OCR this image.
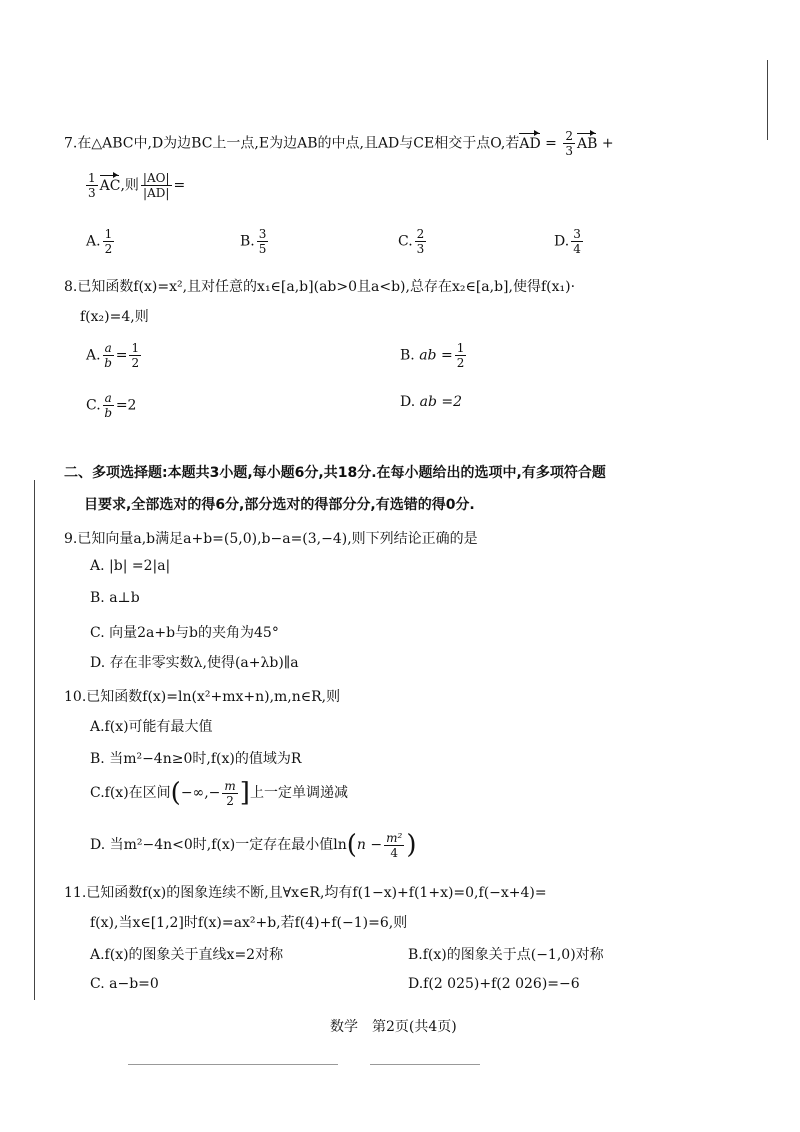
7.在△ABC中,D为边BC上一点,E为边AB的中点,且AD与CE相交于点O,若AD = $\frac{2}{3}$ AB +
$\frac{1}{3}$ AC,则 $\frac{|AO|}{|AD|}$ =
A. $\frac{1}{2}$	B. $\frac{3}{5}$	C. $\frac{2}{3}$	D. $\frac{3}{4}$
8.已知函数f(x)=x²,且对任意的x₁∈[a,b](ab>0且a<b),总存在x₂∈[a,b],使得f(x₁)·
f(x₂)=4,则
A. $\frac{a}{b} = \frac{1}{2}$	B. ab = $\frac{1}{2}$
C. $\frac{a}{b} =2$	D. ab =2
二、多项选择题:本题共3小题,每小题6分,共18分.在每小题给出的选项中,有多项符合题
目要求,全部选对的得6分,部分选对的得部分分,有选错的得0分.
9.已知向量a,b满足a+b=(5,0),b−a=(3,−4),则下列结论正确的是
A. |b| =2|a|
B. a⊥b
C. 向量2a+b与b的夹角为45°
D. 存在非零实数λ,使得(a+λb)∥a
10.已知函数f(x)=ln(x²+mx+n),m,n∈R,则
A.f(x)可能有最大值
B. 当m²−4n≥0时,f(x)的值域为R
C.f(x)在区间(−∞,− $\frac{m}{2}$ ]上一定单调递减
D. 当m²−4n<0时,f(x)一定存在最小值$\ln(n - \frac{\text{m²}}{4}$ )
11.已知函数f(x)的图象连续不断,且∀x∈R,均有f(1−x)+f(1+x)=0,f(−x+4)=
f(x),当x∈[1,2]时f(x)=ax²+b,若f(4)+f(−1)=6,则
A.f(x)的图象关于直线x=2对称	B.f(x)的图象关于点(−1,0)对称
C. a−b=0	D.f(2 025)+f(2 026)=−6
数学　第2页(共4页)
